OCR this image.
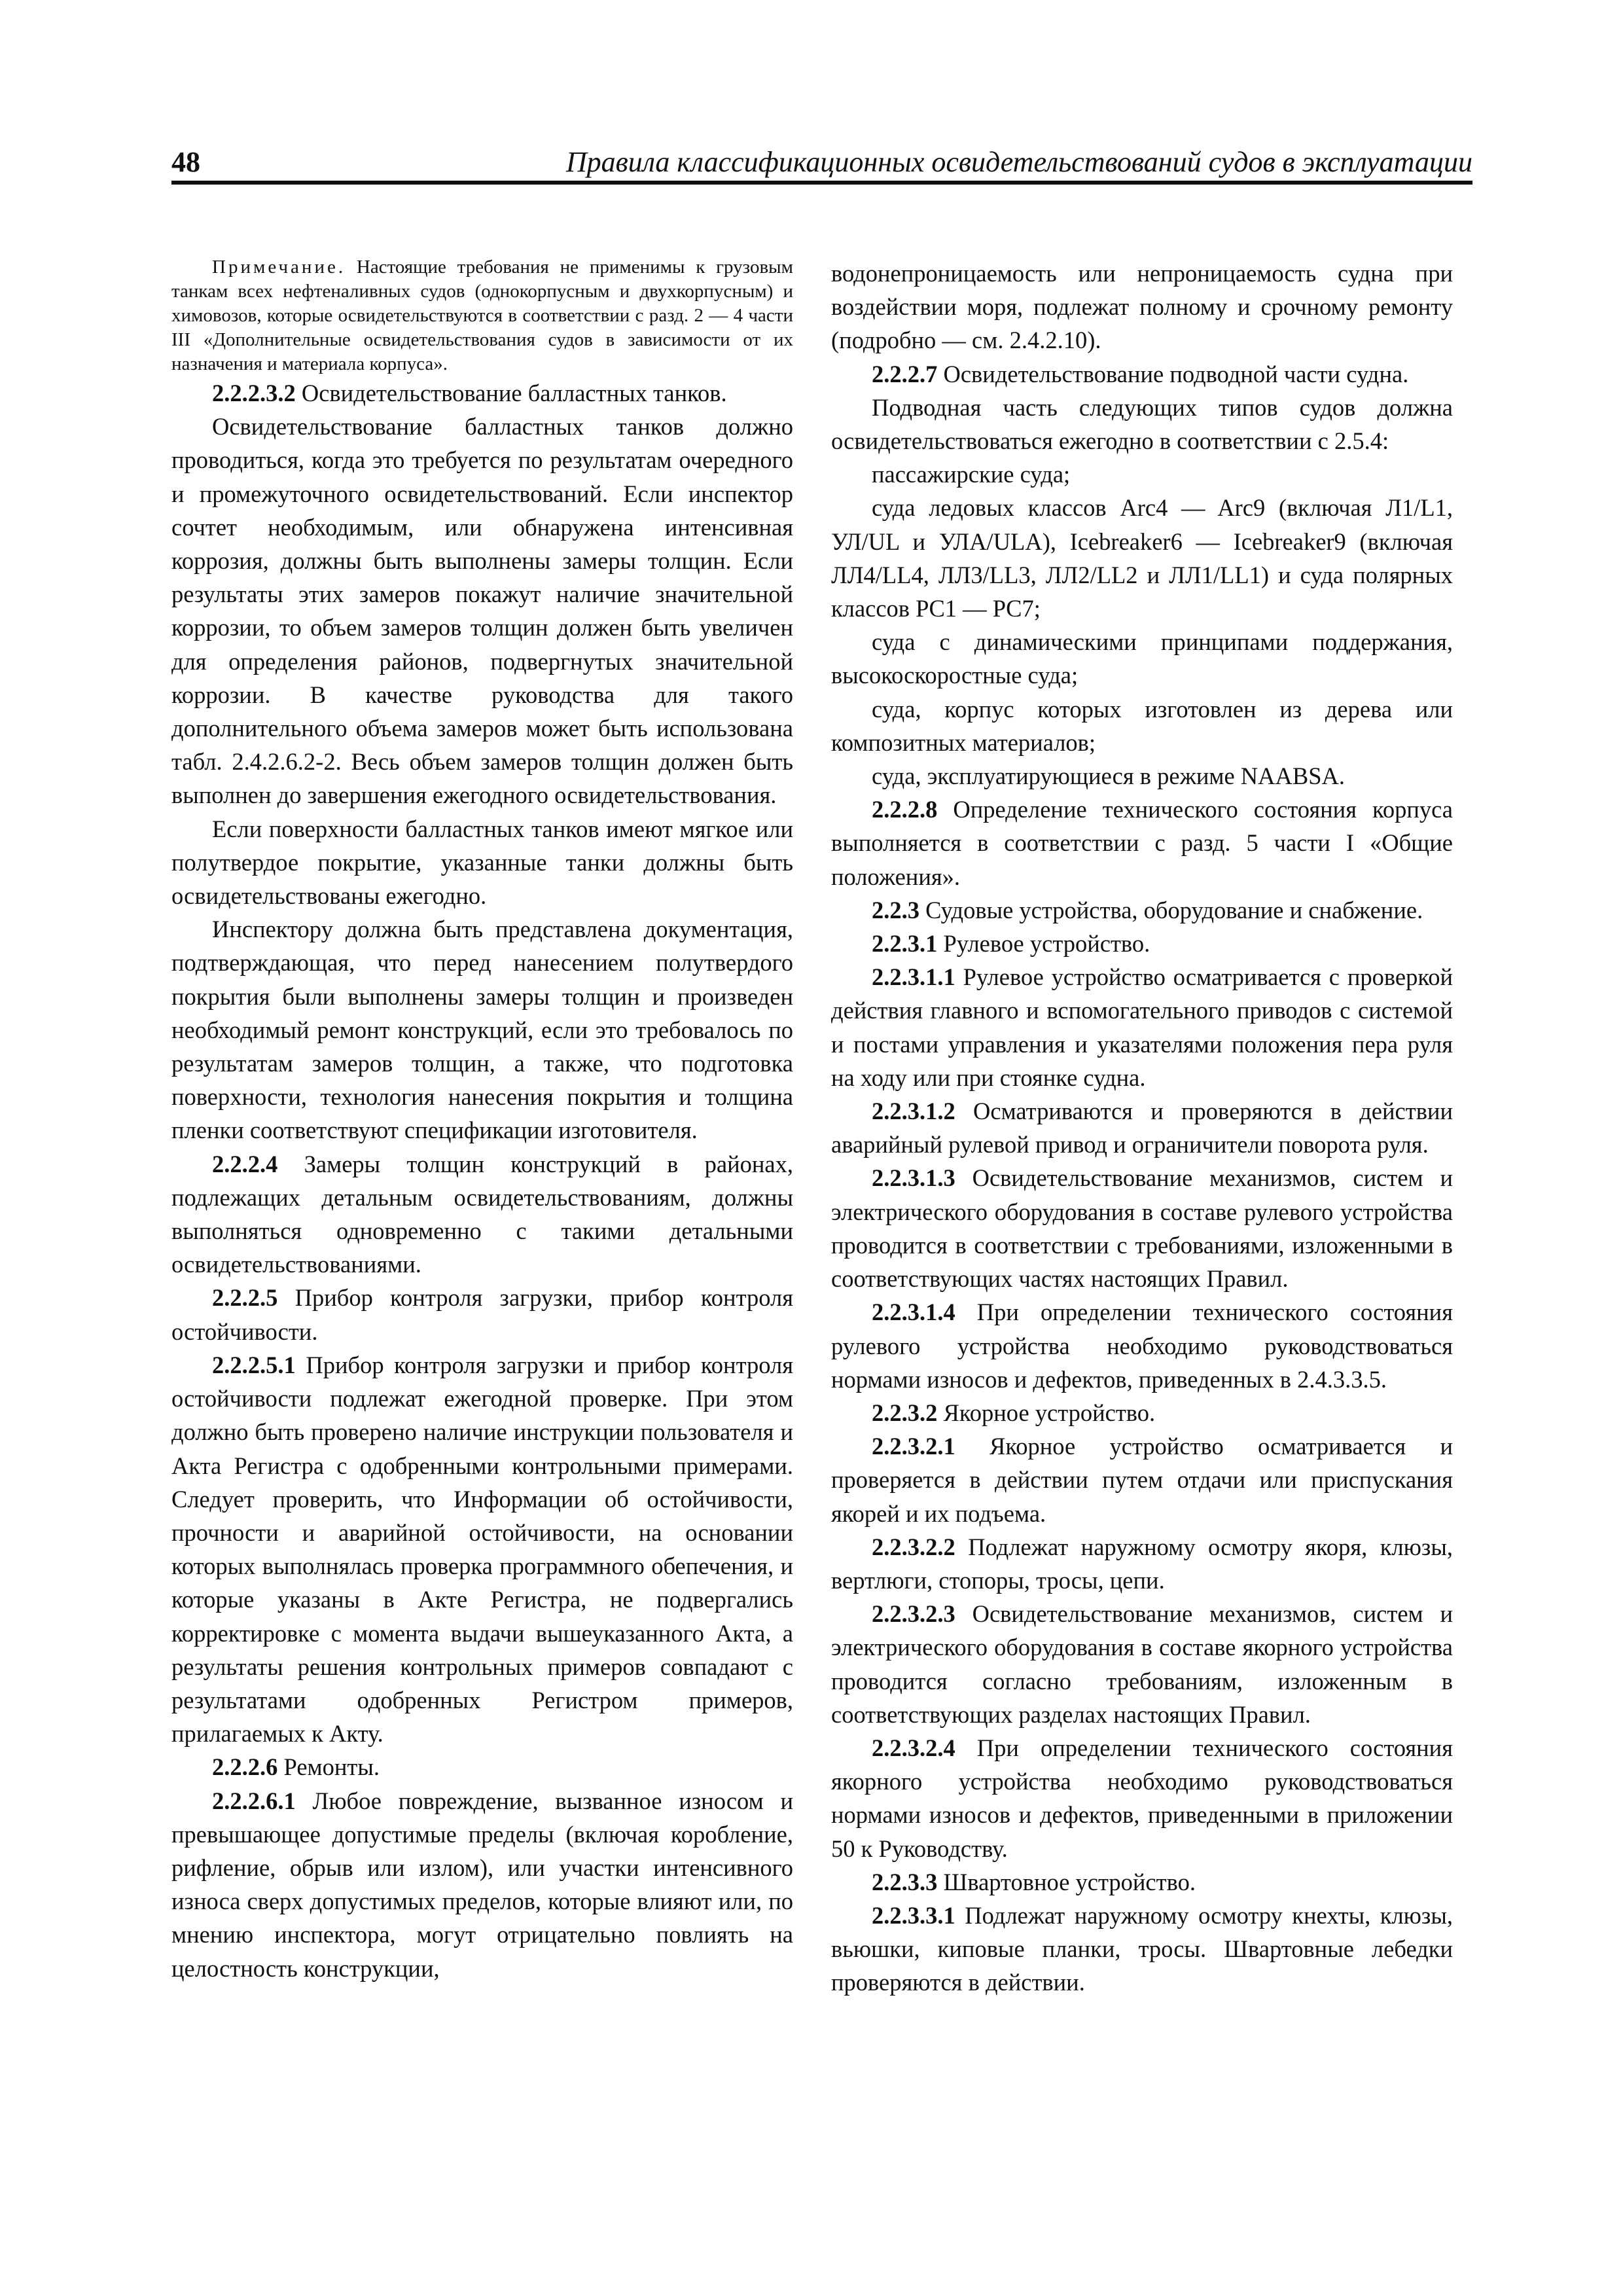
48	Правила классификационных освидетельствований судов в эксплуатации

Примечание. Настоящие требования не применимы к грузовым танкам всех нефтеналивных судов (однокорпусным и двухкорпусным) и химовозов, которые освидетельствуются в соответствии с разд. 2 — 4 части III «Дополнительные освидетельствования судов в зависимости от их назначения и материала корпуса».

2.2.2.3.2 Освидетельствование балластных танков.

Освидетельствование балластных танков должно проводиться, когда это требуется по результатам очередного и промежуточного освидетельствований. Если инспектор сочтет необходимым, или обнаружена интенсивная коррозия, должны быть выполнены замеры толщин. Если результаты этих замеров покажут наличие значительной коррозии, то объем замеров толщин должен быть увеличен для определения районов, подвергнутых значительной коррозии. В качестве руководства для такого дополнительного объема замеров может быть использована табл. 2.4.2.6.2-2. Весь объем замеров толщин должен быть выполнен до завершения ежегодного освидетельствования.

Если поверхности балластных танков имеют мягкое или полутвердое покрытие, указанные танки должны быть освидетельствованы ежегодно.

Инспектору должна быть представлена документация, подтверждающая, что перед нанесением полутвердого покрытия были выполнены замеры толщин и произведен необходимый ремонт конструкций, если это требовалось по результатам замеров толщин, а также, что подготовка поверхности, технология нанесения покрытия и толщина пленки соответствуют спецификации изготовителя.

2.2.2.4 Замеры толщин конструкций в районах, подлежащих детальным освидетельствованиям, должны выполняться одновременно с такими детальными освидетельствованиями.

2.2.2.5 Прибор контроля загрузки, прибор контроля остойчивости.

2.2.2.5.1 Прибор контроля загрузки и прибор контроля остойчивости подлежат ежегодной проверке. При этом должно быть проверено наличие инструкции пользователя и Акта Регистра с одобренными контрольными примерами. Следует проверить, что Информации об остойчивости, прочности и аварийной остойчивости, на основании которых выполнялась проверка программного обепечения, и которые указаны в Акте Регистра, не подвергались корректировке с момента выдачи вышеуказанного Акта, а результаты решения контрольных примеров совпадают с результатами одобренных Регистром примеров, прилагаемых к Акту.

2.2.2.6 Ремонты.

2.2.2.6.1 Любое повреждение, вызванное износом и превышающее допустимые пределы (включая коробление, рифление, обрыв или излом), или участки интенсивного износа сверх допустимых пределов, которые влияют или, по мнению инспектора, могут отрицательно повлиять на целостность конструкции,

водонепроницаемость или непроницаемость судна при воздействии моря, подлежат полному и срочному ремонту (подробно — см. 2.4.2.10).

2.2.2.7 Освидетельствование подводной части судна.

Подводная часть следующих типов судов должна освидетельствоваться ежегодно в соответствии с 2.5.4:

пассажирские суда;

суда ледовых классов Arc4 — Arc9 (включая Л1/L1, УЛ/UL и УЛА/ULA), Icebreaker6 — Icebreaker9 (включая ЛЛ4/LL4, ЛЛ3/LL3, ЛЛ2/LL2 и ЛЛ1/LL1) и суда полярных классов PC1 — PC7;

суда с динамическими принципами поддержания, высокоскоростные суда;

суда, корпус которых изготовлен из дерева или композитных материалов;

суда, эксплуатирующиеся в режиме NAABSA.

2.2.2.8 Определение технического состояния корпуса выполняется в соответствии с разд. 5 части I «Общие положения».

2.2.3 Судовые устройства, оборудование и снабжение.

2.2.3.1 Рулевое устройство.

2.2.3.1.1 Рулевое устройство осматривается с проверкой действия главного и вспомогательного приводов с системой и постами управления и указателями положения пера руля на ходу или при стоянке судна.

2.2.3.1.2 Осматриваются и проверяются в действии аварийный рулевой привод и ограничители поворота руля.

2.2.3.1.3 Освидетельствование механизмов, систем и электрического оборудования в составе рулевого устройства проводится в соответствии с требованиями, изложенными в соответствующих частях настоящих Правил.

2.2.3.1.4 При определении технического состояния рулевого устройства необходимо руководствоваться нормами износов и дефектов, приведенных в 2.4.3.3.5.

2.2.3.2 Якорное устройство.

2.2.3.2.1 Якорное устройство осматривается и проверяется в действии путем отдачи или приспускания якорей и их подъема.

2.2.3.2.2 Подлежат наружному осмотру якоря, клюзы, вертлюги, стопоры, тросы, цепи.

2.2.3.2.3 Освидетельствование механизмов, систем и электрического оборудования в составе якорного устройства проводится согласно требованиям, изложенным в соответствующих разделах настоящих Правил.

2.2.3.2.4 При определении технического состояния якорного устройства необходимо руководствоваться нормами износов и дефектов, приведенными в приложении 50 к Руководству.

2.2.3.3 Швартовное устройство.

2.2.3.3.1 Подлежат наружному осмотру кнехты, клюзы, вьюшки, киповые планки, тросы. Швартовные лебедки проверяются в действии.
